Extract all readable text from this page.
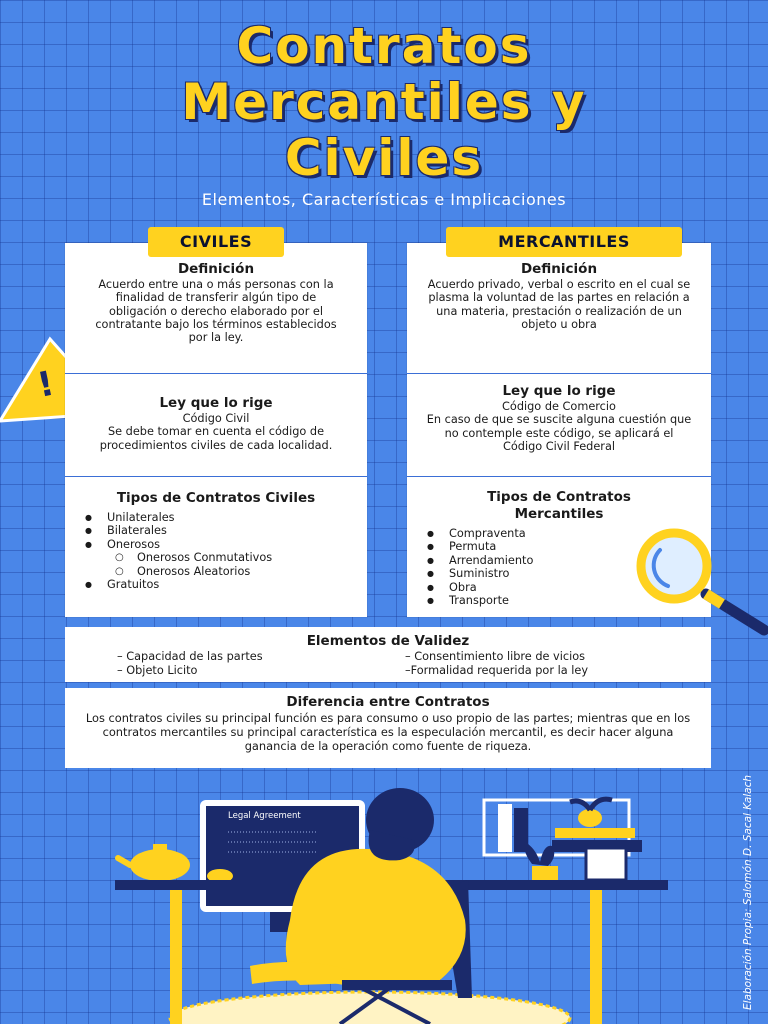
Contratos
Mercantiles y
Civiles
Elementos, Características e Implicaciones
!
Definición

Acuerdo entre una o más personas con la finalidad de transferir algún tipo de obligación o derecho elaborado por el contratante bajo los términos establecidos por la ley.

Ley que lo rige

Código Civil
Se debe tomar en cuenta el código de procedimientos civiles de cada localidad.

Tipos de Contratos Civiles
● Unilaterales
● Bilaterales
● Onerosos
○ Onerosos Conmutativos
○ Onerosos Aleatorios
● Gratuitos
CIVILES
Definición

Acuerdo privado, verbal o escrito en el cual se plasma la voluntad de las partes en relación a una materia, prestación o realización de un objeto u obra

Ley que lo rige

Código de Comercio
En caso de que se suscite alguna cuestión que no contemple este código, se aplicará el Código Civil Federal

Tipos de Contratos Mercantiles
● Compraventa
● Permuta
● Arrendamiento
● Suministro
● Obra
● Transporte
MERCANTILES
Elementos de Validez
– Capacidad de las partes
– Objeto Licito
– Consentimiento libre de vicios
–Formalidad requerida por la ley
Diferencia entre Contratos

Los contratos civiles su principal función es para consumo o uso propio de las partes; mientras que en los contratos mercantiles su principal característica es la especulación mercantil, es decir hacer alguna ganancia de la operación como fuente de riqueza.

Legal Agreement	Elaboración Propia: Salomón D. Sacal Kalach
